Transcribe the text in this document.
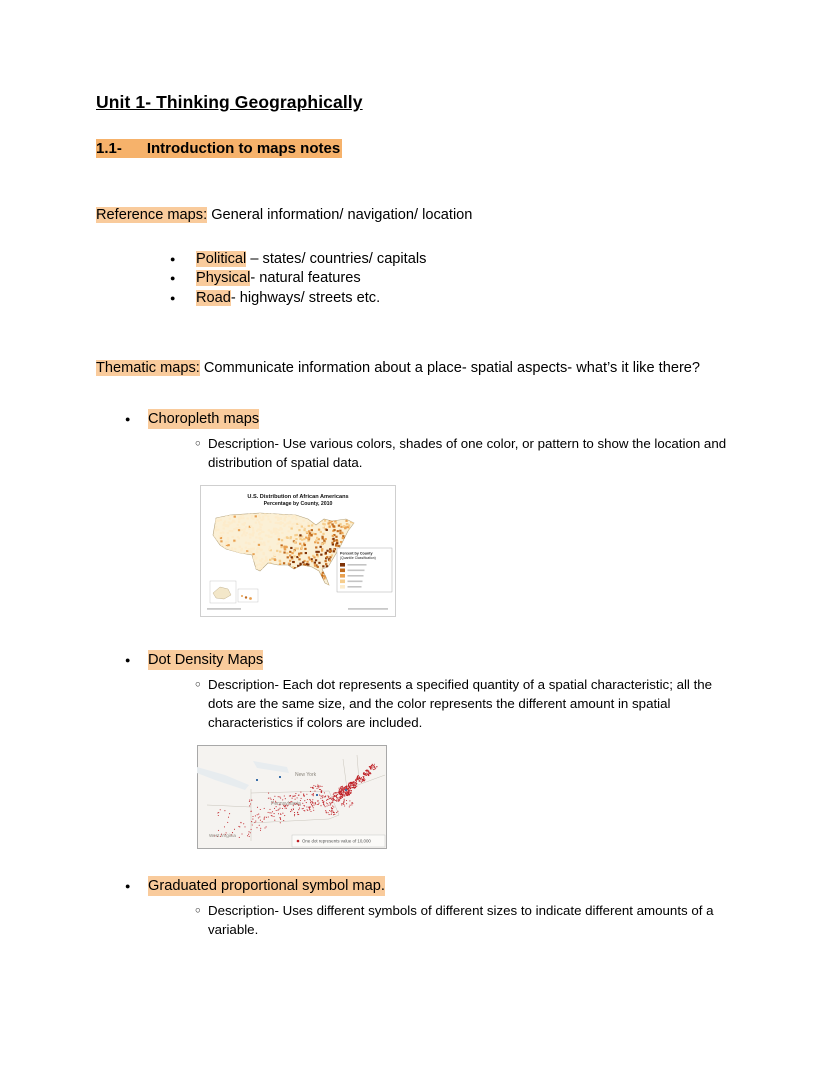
Unit 1- Thinking Geographically
1.1-      Introduction to maps notes

Reference maps: General information/ navigation/ location

●	Political – states/ countries/ capitals
●	Physical- natural features
●	Road- highways/ streets etc.

Thematic maps: Communicate information about a place- spatial aspects- what’s it like there?

●	Choropleth maps
○ Description- Use various colors, shades of one color, or pattern to show the location and distribution of spatial data.
U.S. Distribution of African Americans
Percentage by County, 2010
Percent by County
(Quantile Classification)
●	Dot Density Maps
○ Description- Each dot represents a specified quantity of a spatial characteristic; all the dots are the same size, and the color represents the different amount in spatial characteristics if colors are included.
New York
Pennsylvania
West Virginia
One dot represents value of 10,000
●	Graduated proportional symbol map.
○ Description- Uses different symbols of different sizes to indicate different amounts of a variable.
